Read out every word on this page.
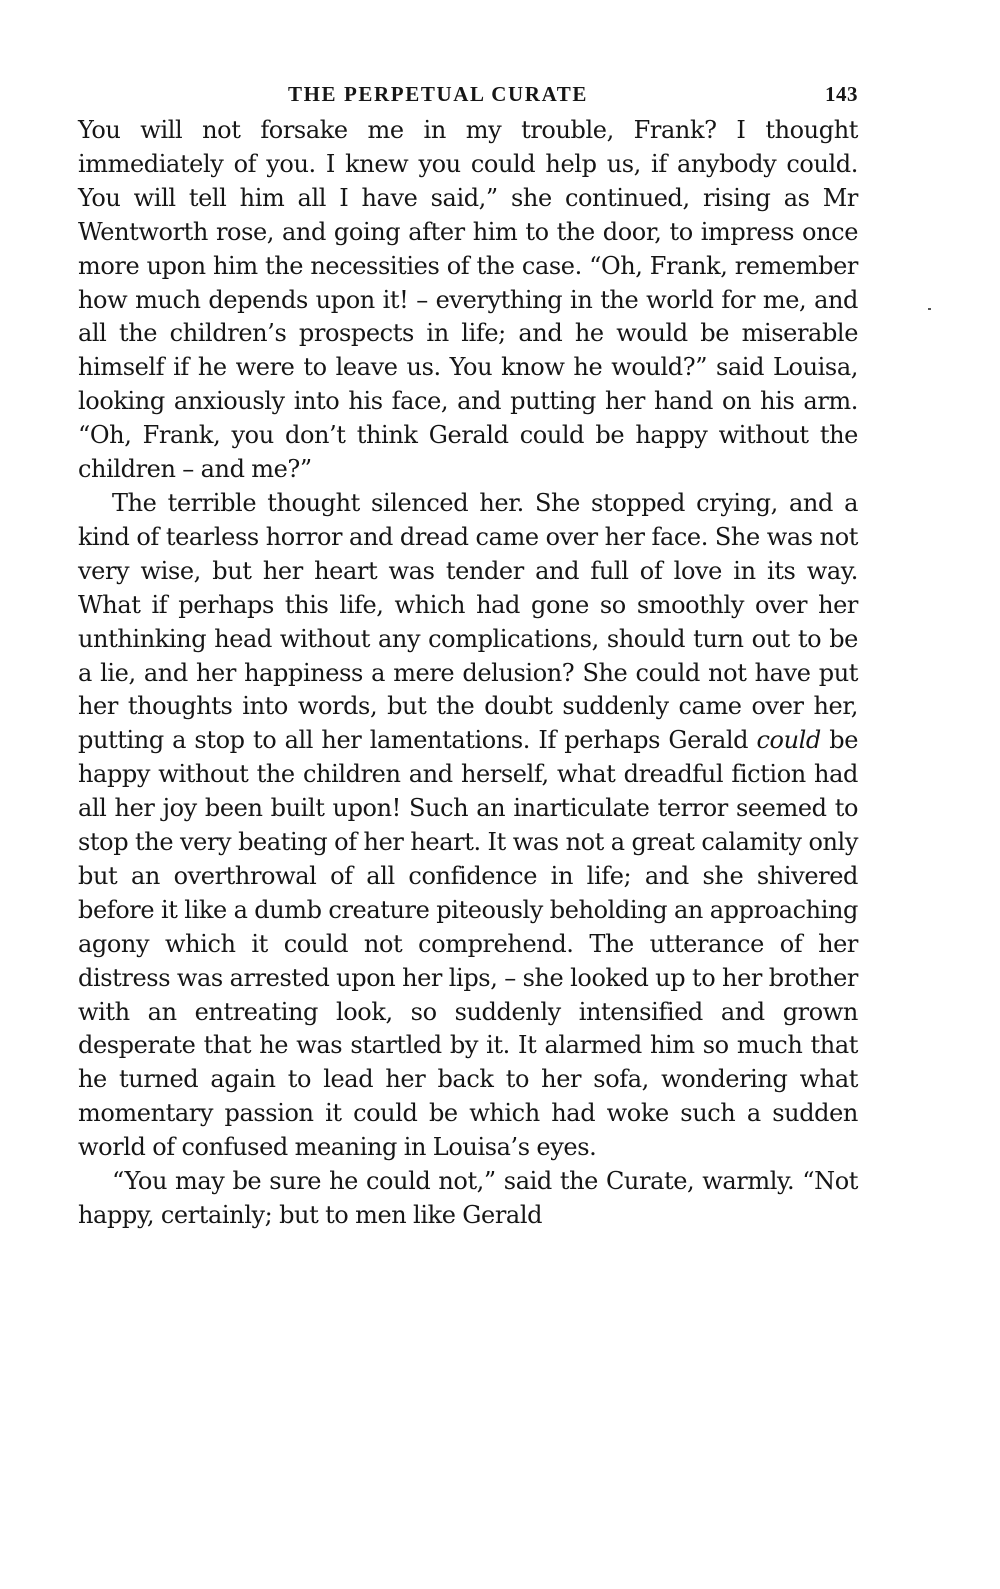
THE PERPETUAL CURATE	143

You will not forsake me in my trouble, Frank? I thought immediately of you. I knew you could help us, if anybody could. You will tell him all I have said,” she continued, rising as Mr Wentworth rose, and going after him to the door, to impress once more upon him the necessities of the case. “Oh, Frank, remember how much depends upon it! – everything in the world for me, and all the children’s prospects in life; and he would be miserable himself if he were to leave us. You know he would?” said Louisa, looking anxiously into his face, and putting her hand on his arm. “Oh, Frank, you don’t think Gerald could be happy without the children – and me?”

The terrible thought silenced her. She stopped crying, and a kind of tearless horror and dread came over her face. She was not very wise, but her heart was tender and full of love in its way. What if perhaps this life, which had gone so smoothly over her unthinking head without any complications, should turn out to be a lie, and her happiness a mere delusion? She could not have put her thoughts into words, but the doubt suddenly came over her, putting a stop to all her lamentations. If perhaps Gerald could be happy without the children and herself, what dreadful fiction had all her joy been built upon! Such an inarticulate terror seemed to stop the very beating of her heart. It was not a great calamity only but an overthrowal of all confidence in life; and she shivered before it like a dumb creature piteously beholding an approaching agony which it could not comprehend. The utterance of her distress was arrested upon her lips, – she looked up to her brother with an entreating look, so suddenly intensified and grown desperate that he was startled by it. It alarmed him so much that he turned again to lead her back to her sofa, wondering what momentary passion it could be which had woke such a sudden world of confused meaning in Louisa’s eyes.

“You may be sure he could not,” said the Curate, warmly. “Not happy, certainly; but to men like Gerald
